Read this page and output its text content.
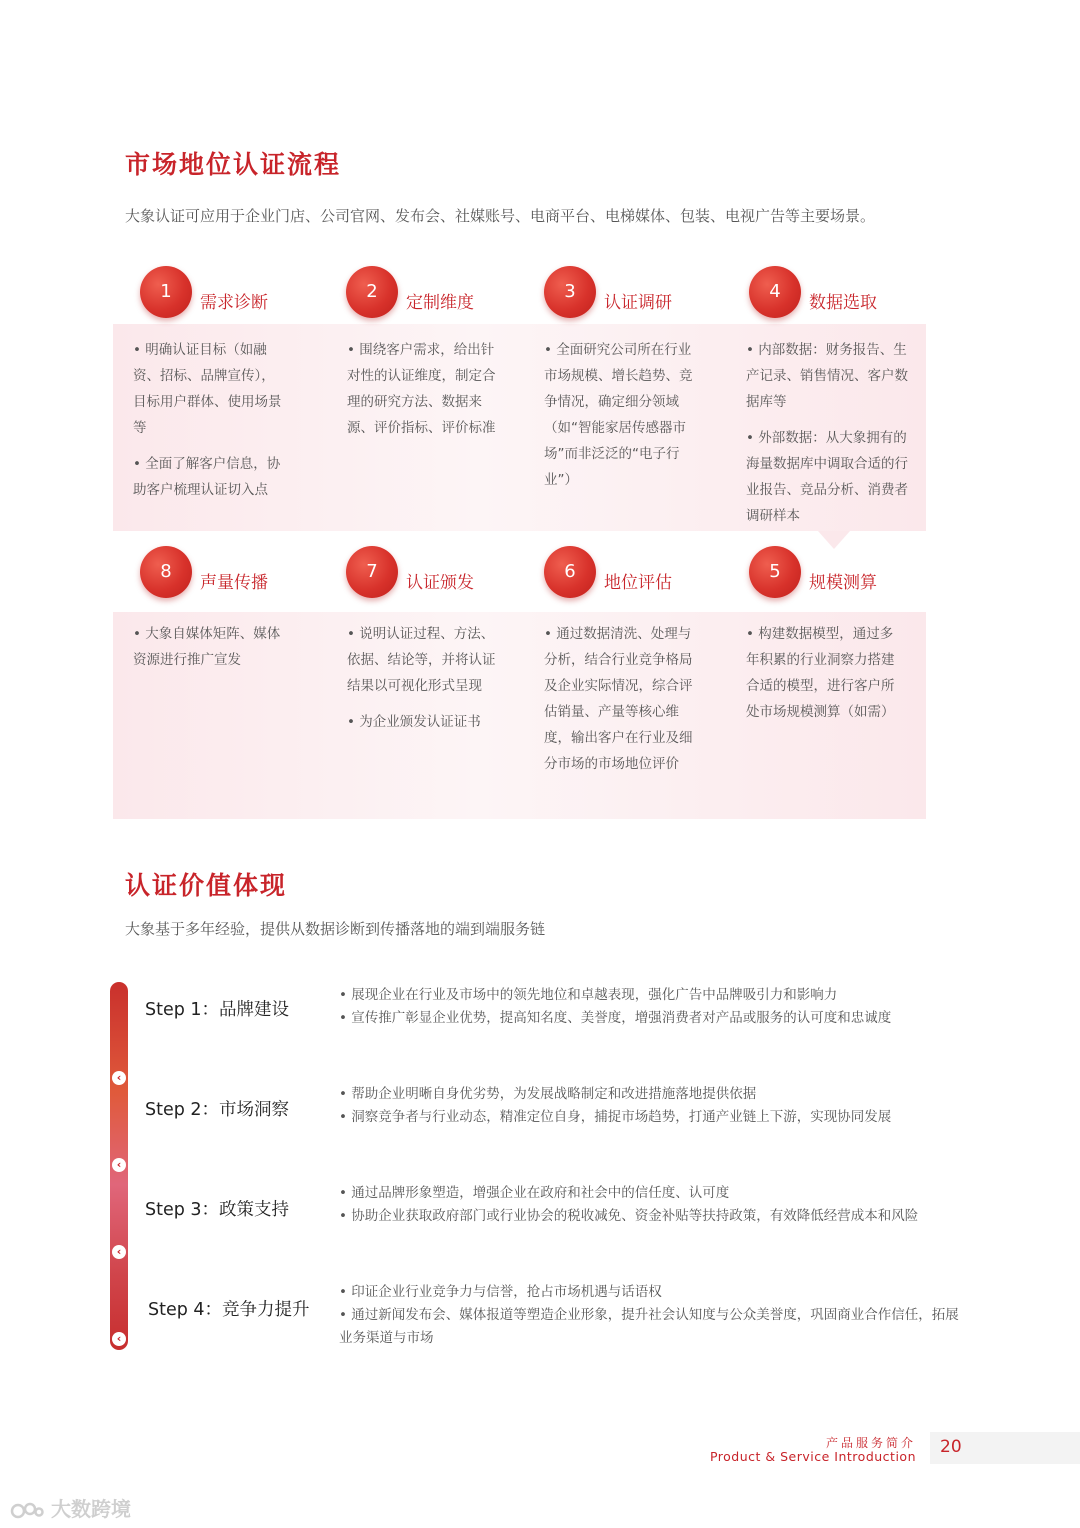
市场地位认证流程
大象认证可应用于企业门店、公司官网、发布会、社媒账号、电商平台、电梯媒体、包装、电视广告等主要场景。
1
需求诊断
2
定制维度
3
认证调研
4
数据选取

• 明确认证目标（如融资、招标、品牌宣传），目标用户群体、使用场景等

• 全面了解客户信息，协助客户梳理认证切入点

• 围绕客户需求，给出针对性的认证维度，制定合理的研究方法、数据来源、评价指标、评价标准

• 全面研究公司所在行业市场规模、增长趋势、竞争情况，确定细分领域（如“智能家居传感器市场”而非泛泛的“电子行业”）

• 内部数据：财务报告、生产记录、销售情况、客户数据库等

• 外部数据：从大象拥有的海量数据库中调取合适的行业报告、竞品分析、消费者调研样本

8
声量传播
7
认证颁发
6
地位评估
5
规模测算

• 大象自媒体矩阵、媒体资源进行推广宣发

• 说明认证过程、方法、依据、结论等，并将认证结果以可视化形式呈现

• 为企业颁发认证证书

• 通过数据清洗、处理与分析，结合行业竞争格局及企业实际情况，综合评估销量、产量等核心维度，输出客户在行业及细分市场的市场地位评价

• 构建数据模型，通过多年积累的行业洞察力搭建合适的模型，进行客户所处市场规模测算（如需）

认证价值体现
大象基于多年经验，提供从数据诊断到传播落地的端到端服务链
‹
‹
‹
‹
Step 1：品牌建设

• 展现企业在行业及市场中的领先地位和卓越表现，强化广告中品牌吸引力和影响力

• 宣传推广彰显企业优势，提高知名度、美誉度，增强消费者对产品或服务的认可度和忠诚度

Step 2：市场洞察

• 帮助企业明晰自身优劣势，为发展战略制定和改进措施落地提供依据

• 洞察竞争者与行业动态，精准定位自身，捕捉市场趋势，打通产业链上下游，实现协同发展

Step 3：政策支持

• 通过品牌形象塑造，增强企业在政府和社会中的信任度、认可度

• 协助企业获取政府部门或行业协会的税收减免、资金补贴等扶持政策，有效降低经营成本和风险

Step 4：竞争力提升

• 印证企业行业竞争力与信誉，抢占市场机遇与话语权

• 通过新闻发布会、媒体报道等塑造企业形象，提升社会认知度与公众美誉度，巩固商业合作信任，拓展业务渠道与市场

产品服务简介
Product & Service Introduction 20
大数跨境
